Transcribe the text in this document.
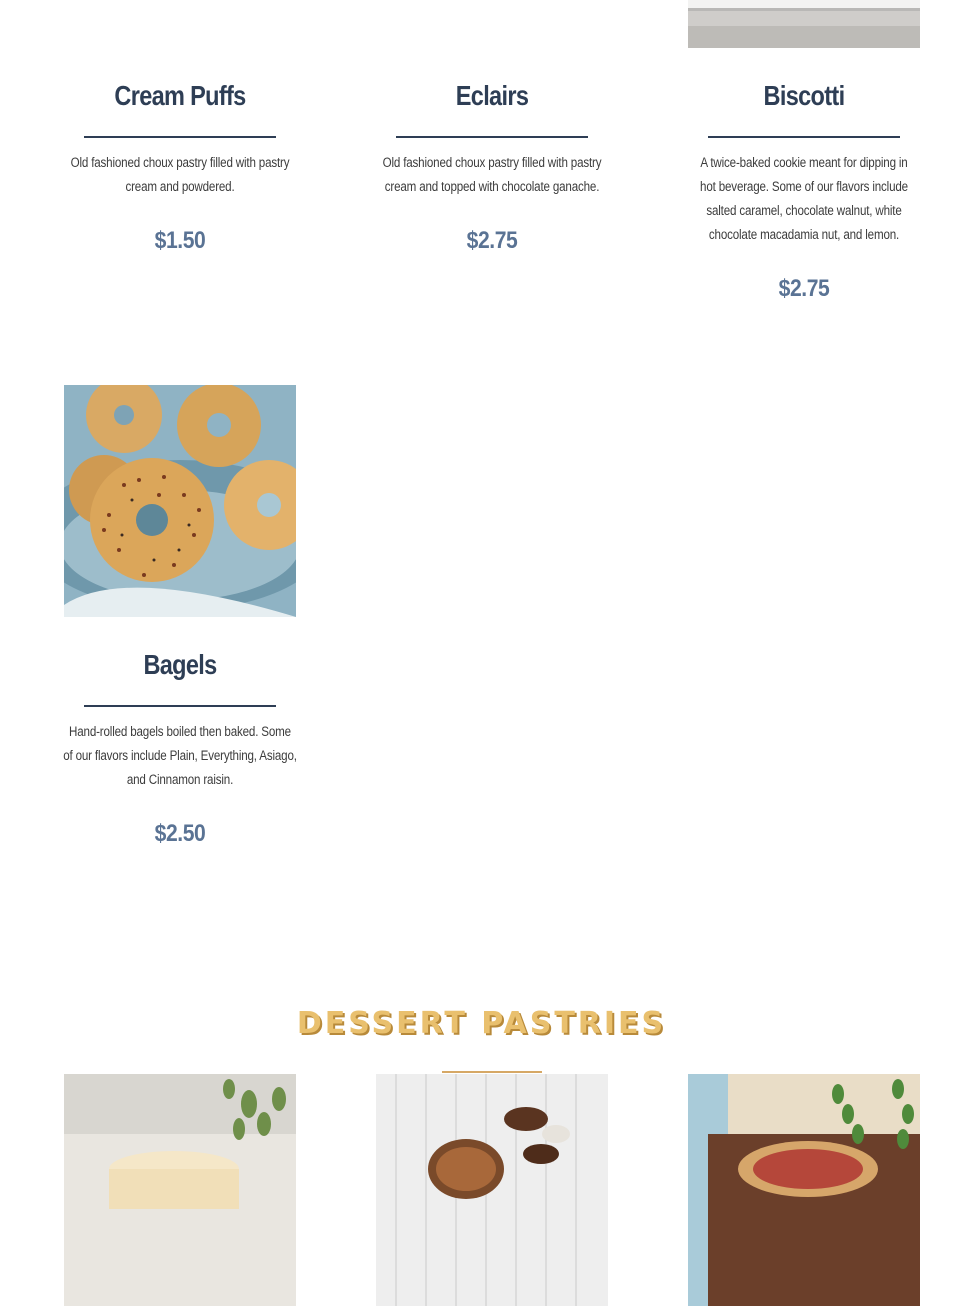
Cream Puffs
Old fashioned choux pastry filled with pastry cream and powdered.
$1.50
Eclairs
Old fashioned choux pastry filled with pastry cream and topped with chocolate ganache.
$2.75
Biscotti
A twice-baked cookie meant for dipping in hot beverage. Some of our flavors include salted caramel, chocolate walnut, white chocolate macadamia nut, and lemon.
$2.75
Bagels
Hand-rolled bagels boiled then baked. Some of our flavors include Plain, Everything, Asiago, and Cinnamon raisin.
$2.50
DESSERT PASTRIES
